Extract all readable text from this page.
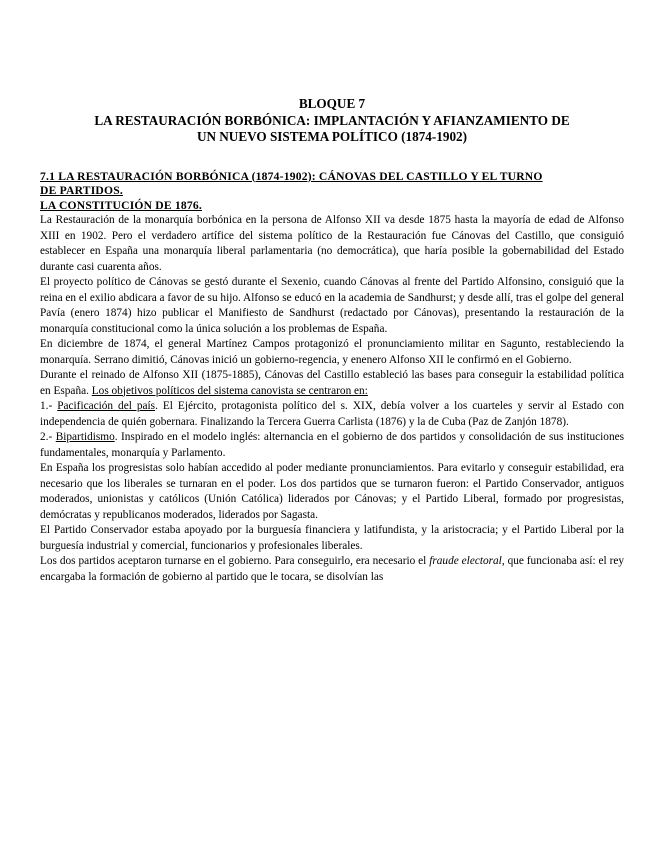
BLOQUE 7
LA RESTAURACIÓN BORBÓNICA: IMPLANTACIÓN Y AFIANZAMIENTO DE
UN NUEVO SISTEMA POLÍTICO (1874-1902)
7.1 LA RESTAURACIÓN BORBÓNICA (1874-1902): CÁNOVAS DEL CASTILLO Y EL TURNO
DE PARTIDOS.
LA CONSTITUCIÓN DE 1876.

La Restauración de la monarquía borbónica en la persona de Alfonso XII va desde 1875 hasta la mayoría de edad de Alfonso XIII en 1902. Pero el verdadero artífice del sistema político de la Restauración fue Cánovas del Castillo, que consiguió establecer en España una monarquía liberal parlamentaria (no democrática), que haría posible la gobernabilidad del Estado durante casi cuarenta años.

El proyecto político de Cánovas se gestó durante el Sexenio, cuando Cánovas al frente del Partido Alfonsino, consiguió que la reina en el exilio abdicara a favor de su hijo. Alfonso se educó en la academia de Sandhurst; y desde allí, tras el golpe del general Pavía (enero 1874) hizo publicar el Manifiesto de Sandhurst (redactado por Cánovas), presentando la restauración de la monarquía constitucional como la única solución a los problemas de España.

En diciembre de 1874, el general Martínez Campos protagonizó el pronunciamiento militar en Sagunto, restableciendo la monarquía. Serrano dimitió, Cánovas inició un gobierno-regencia, y enenero Alfonso XII le confirmó en el Gobierno.

Durante el reinado de Alfonso XII (1875-1885), Cánovas del Castillo estableció las bases para conseguir la estabilidad política en España. Los objetivos políticos del sistema canovista se centraron en:

1.- Pacificación del país. El Ejército, protagonista político del s. XIX, debía volver a los cuarteles y servir al Estado con independencia de quién gobernara. Finalizando la Tercera Guerra Carlista (1876) y la de Cuba (Paz de Zanjón 1878).

2.- Bipartidismo. Inspirado en el modelo inglés: alternancia en el gobierno de dos partidos y consolidación de sus instituciones fundamentales, monarquía y Parlamento.

En España los progresistas solo habían accedido al poder mediante pronunciamientos. Para evitarlo y conseguir estabilidad, era necesario que los liberales se turnaran en el poder. Los dos partidos que se turnaron fueron: el Partido Conservador, antiguos moderados, unionistas y católicos (Unión Católica) liderados por Cánovas; y el Partido Liberal, formado por progresistas, demócratas y republicanos moderados, liderados por Sagasta.

El Partido Conservador estaba apoyado por la burguesía financiera y latifundista, y la aristocracia; y el Partido Liberal por la burguesía industrial y comercial, funcionarios y profesionales liberales.

Los dos partidos aceptaron turnarse en el gobierno. Para conseguirlo, era necesario el fraude electoral, que funcionaba así: el rey encargaba la formación de gobierno al partido que le tocara, se disolvían las
